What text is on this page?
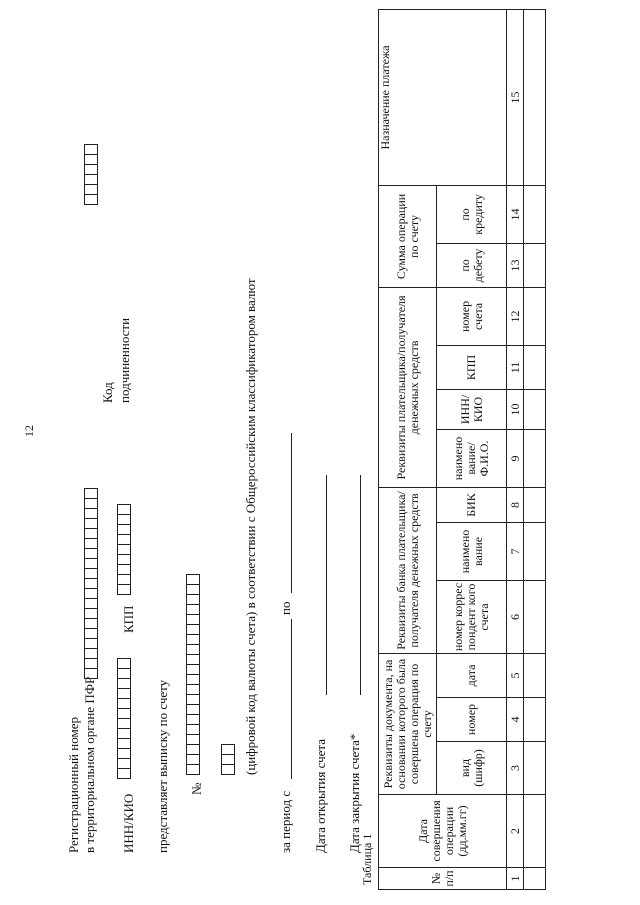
12
Регистрационный номер в территориальном органе ПФР
Код подчиненности
ИНН/КИО
КПП
представляет выписку по счету №
(цифровой код валюты счета) в соответствии с Общероссийским классификатором валют
за период с
по
Дата открытия счета Дата закрытия счета*
Таблица 1	№ п/п	Дата совершения операции (дд.мм.гг)	Реквизиты документа, на основании которого была совершена операция по счету			Реквизиты банка плательщика/получателя денежных средств			Реквизиты плательщика/получателя денежных средств				Сумма операции по счету		Назначение платежа
		вид (шифр)	номер	дата	номер коррес пондент кого счета	наимено вание	БИК	наимено вание/ Ф.И.О.	ИНН/ КИО	КПП	номер счета	по дебету	по кредиту	
1	2	3	4	5	6	7	8	9	10	11	12	13	14	15
